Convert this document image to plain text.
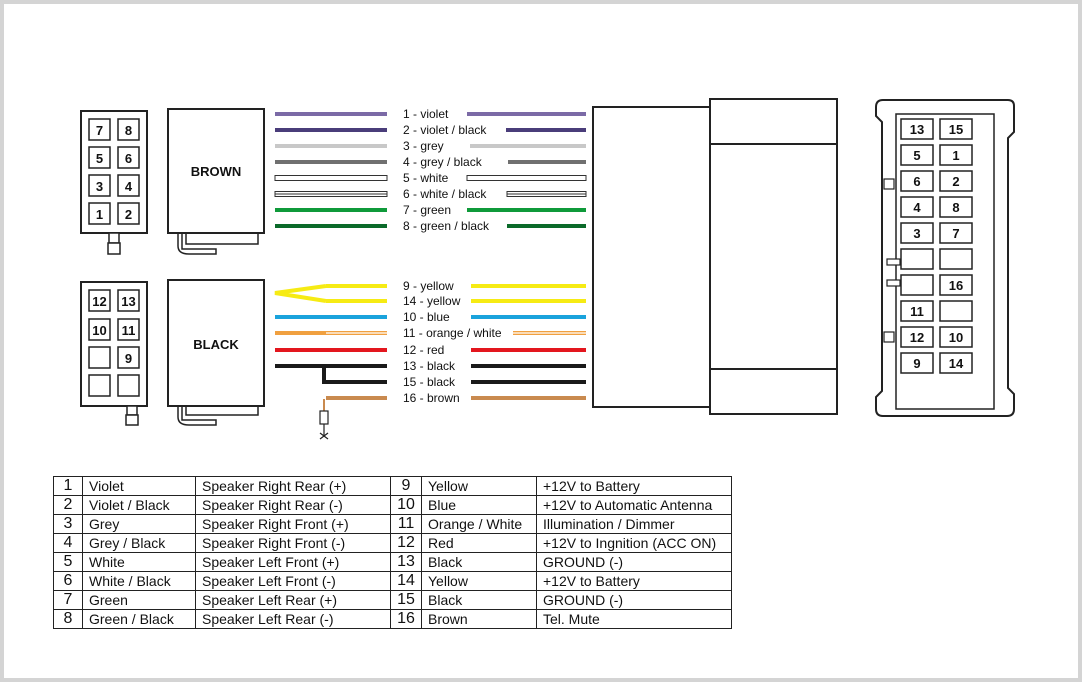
7 8
5 6
3 4
1 2
BROWN
12 13
10 11
9
BLACK
1 - violet
2 - violet / black
3 - grey
4 - grey / black
5 - white
6 - white / black
7 - green
8 - green / black
9 - yellow
14 - yellow
10 - blue
11 - orange / white
12 - red
13 - black
15 - black
16 - brown
13 15
5 1
6 2
4 8
3 7
16
11
12 10
9 14
1	Violet	Speaker Right Rear (+)	9	Yellow	+12V to Battery
2	Violet / Black	Speaker Right Rear (-)	10	Blue	+12V to Automatic Antenna
3	Grey	Speaker Right Front (+)	11	Orange / White	Illumination / Dimmer
4	Grey / Black	Speaker Right Front (-)	12	Red	+12V to Ingnition (ACC ON)
5	White	Speaker Left Front (+)	13	Black	GROUND (-)
6	White / Black	Speaker Left Front (-)	14	Yellow	+12V to Battery
7	Green	Speaker Left Rear (+)	15	Black	GROUND (-)
8	Green / Black	Speaker Left Rear (-)	16	Brown	Tel. Mute
